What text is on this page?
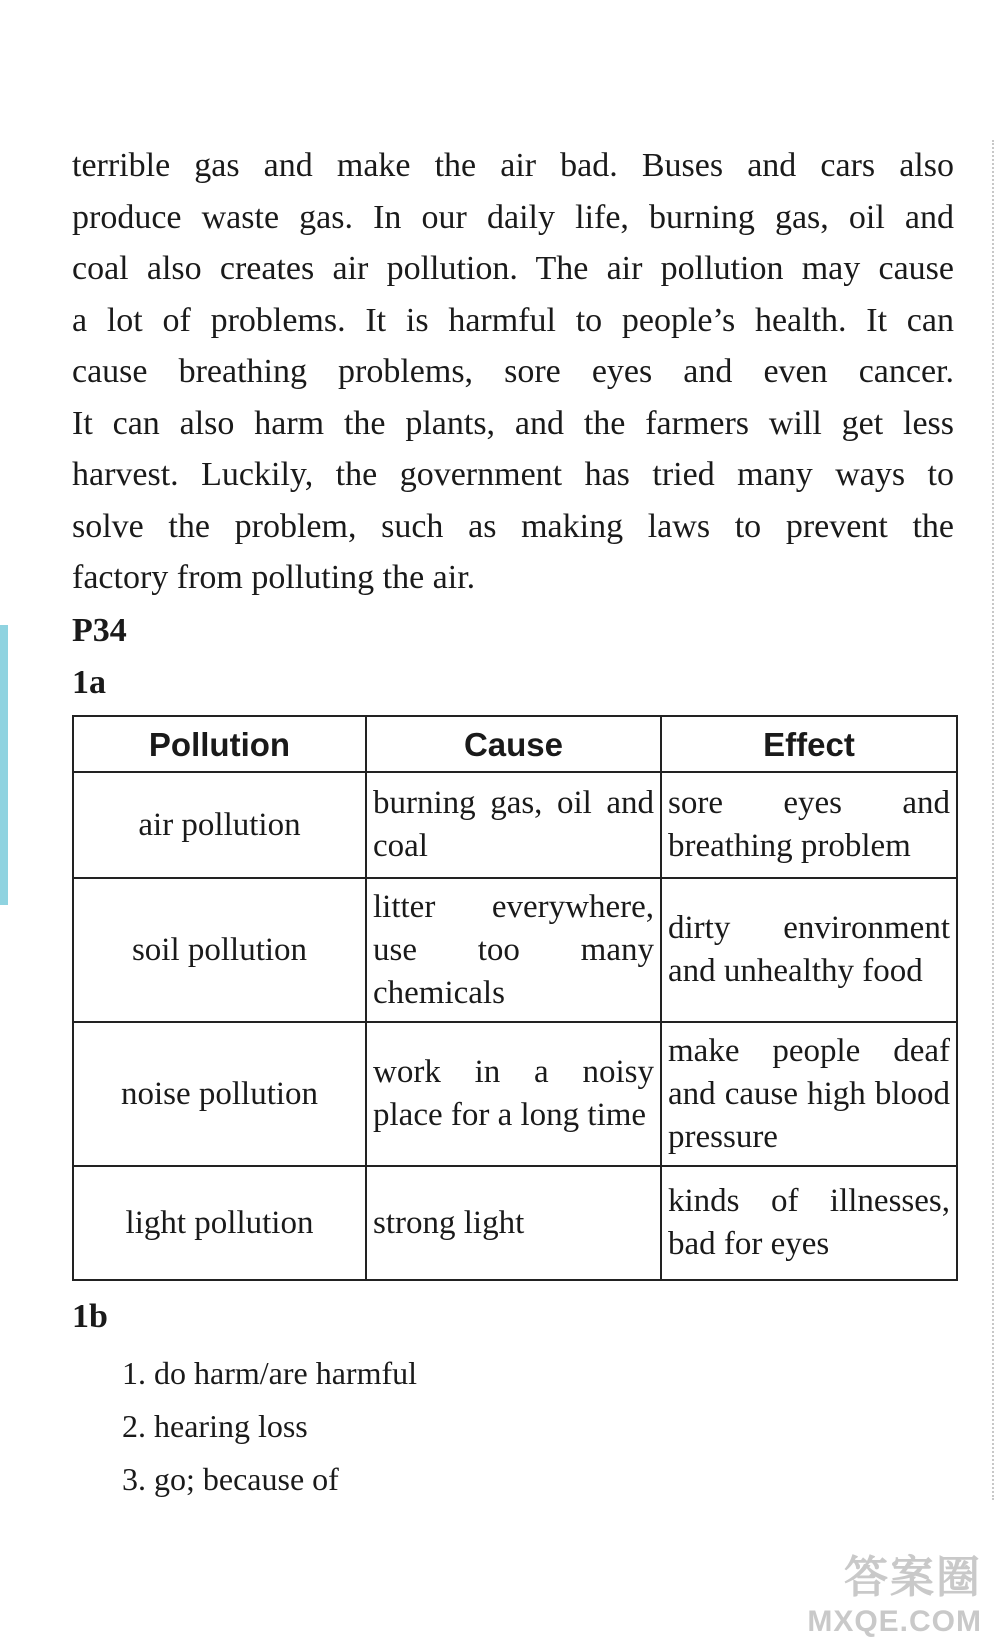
terrible gas and make the air bad. Buses and cars also
produce waste gas. In our daily life, burning gas, oil and
coal also creates air pollution. The air pollution may cause
a lot of problems. It is harmful to people’s health. It can
cause breathing problems, sore eyes and even cancer.
It can also harm the plants, and the farmers will get less
harvest. Luckily, the government has tried many ways to
solve the problem, such as making laws to prevent the
factory from polluting the air.
P34
1a
Pollution	Cause	Effect
air pollution	burning gas, oil and coal	sore eyes and breathing problem
soil pollution	litter everywhere, use too many chemicals	dirty environment and unhealthy food
noise pollution	work in a noisy place for a long time	make people deaf and cause high blood pressure
light pollution	strong light	kinds of illnesses, bad for eyes
1b
1. do harm/are harmful
2. hearing loss
3. go; because of
答案圈
MXQE.COM
